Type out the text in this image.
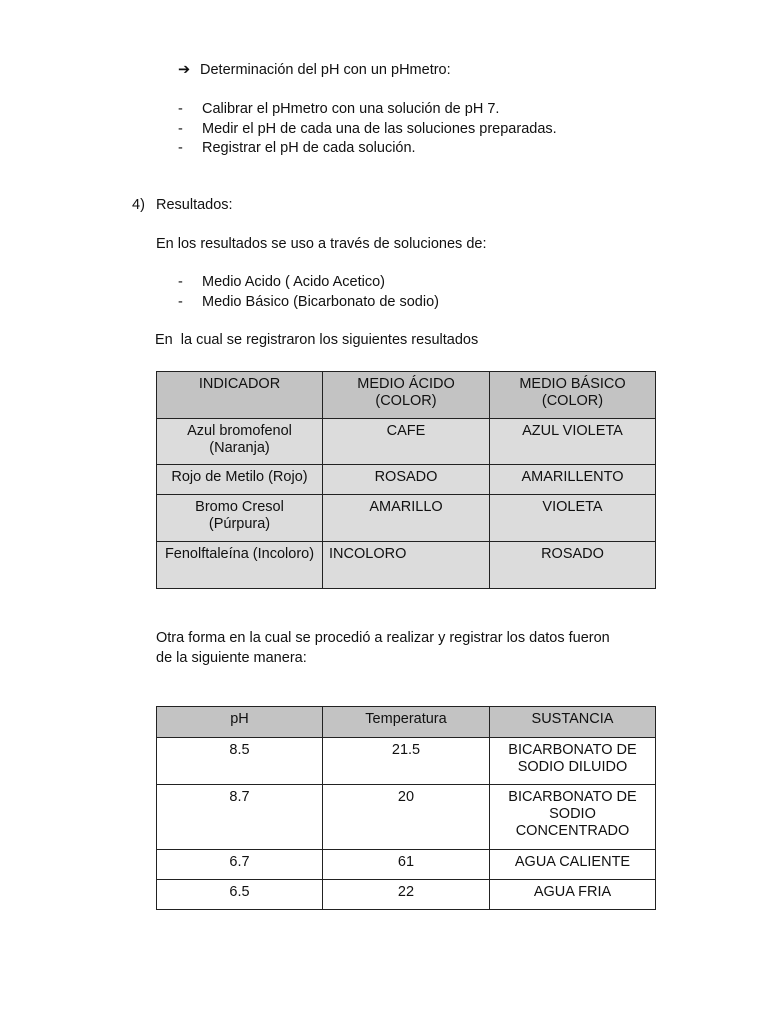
➔ Determinación del pH con un pHmetro:
- Calibrar el pHmetro con una solución de pH 7.
- Medir el pH de cada una de las soluciones preparadas.
- Registrar el pH de cada solución.
4) Resultados:
En los resultados se uso a través de soluciones de:
- Medio Acido ( Acido Acetico)
- Medio Básico (Bicarbonato de sodio)
En  la cual se registraron los siguientes resultados
INDICADOR	MEDIO ÁCIDO (COLOR)	MEDIO BÁSICO (COLOR)
Azul bromofenol (Naranja)	CAFE	AZUL VIOLETA
Rojo de Metilo (Rojo)	ROSADO	AMARILLENTO
Bromo Cresol (Púrpura)	AMARILLO	VIOLETA
Fenolftaleína (Incoloro)	INCOLORO	ROSADO
Otra forma en la cual se procedió a realizar y registrar los datos fueron
de la siguiente manera:
pH	Temperatura	SUSTANCIA
8.5	21.5	BICARBONATO DE SODIO DILUIDO
8.7	20	BICARBONATO DE SODIO CONCENTRADO
6.7	61	AGUA CALIENTE
6.5	22	AGUA FRIA
